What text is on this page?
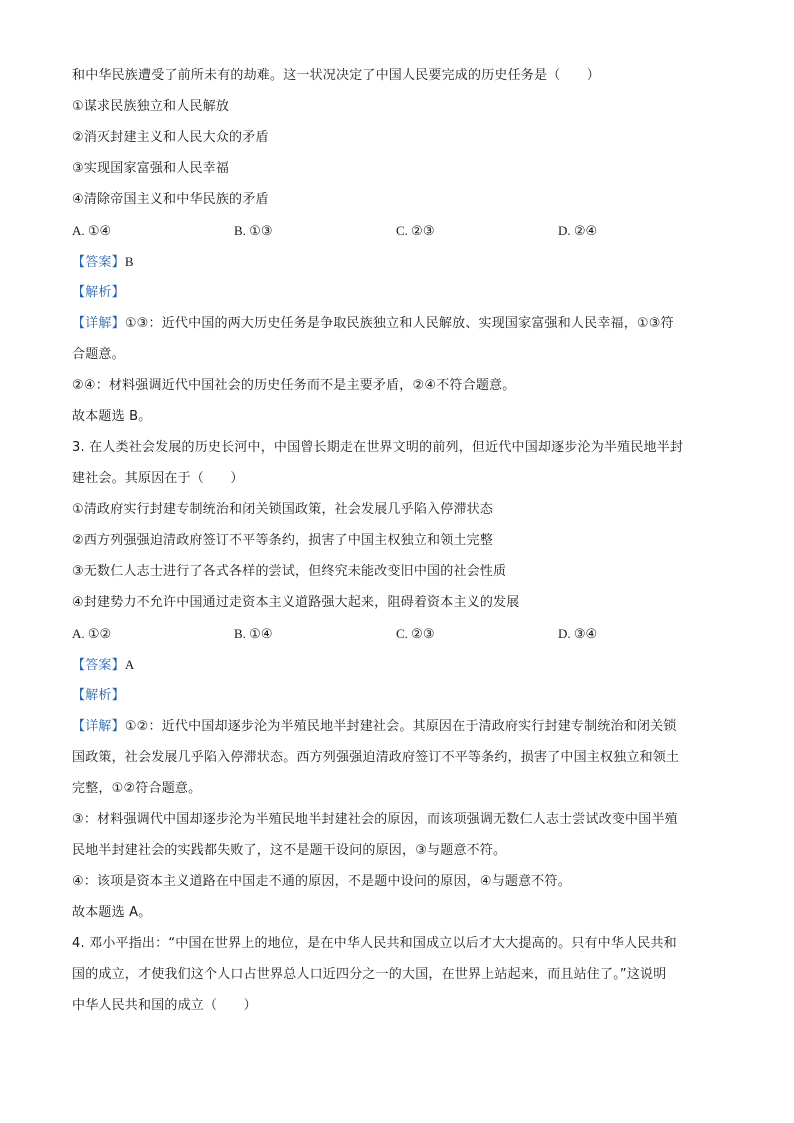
和中华民族遭受了前所未有的劫难。这一状况决定了中国人民要完成的历史任务是（　　）
①谋求民族独立和人民解放
②消灭封建主义和人民大众的矛盾
③实现国家富强和人民幸福
④清除帝国主义和中华民族的矛盾
A. ①④	B. ①③	C. ②③	D. ②④
【答案】B
【解析】
【详解】①③：近代中国的两大历史任务是争取民族独立和人民解放、实现国家富强和人民幸福，①③符
合题意。
②④：材料强调近代中国社会的历史任务而不是主要矛盾，②④不符合题意。
故本题选 B。
3. 在人类社会发展的历史长河中，中国曾长期走在世界文明的前列，但近代中国却逐步沦为半殖民地半封
建社会。其原因在于（　　）
①清政府实行封建专制统治和闭关锁国政策，社会发展几乎陷入停滞状态
②西方列强强迫清政府签订不平等条约，损害了中国主权独立和领土完整
③无数仁人志士进行了各式各样的尝试，但终究未能改变旧中国的社会性质
④封建势力不允许中国通过走资本主义道路强大起来，阻碍着资本主义的发展
A. ①②	B. ①④	C. ②③	D. ③④
【答案】A
【解析】
【详解】①②：近代中国却逐步沦为半殖民地半封建社会。其原因在于清政府实行封建专制统治和闭关锁
国政策，社会发展几乎陷入停滞状态。西方列强强迫清政府签订不平等条约，损害了中国主权独立和领土
完整，①②符合题意。
③：材料强调代中国却逐步沦为半殖民地半封建社会的原因，而该项强调无数仁人志士尝试改变中国半殖
民地半封建社会的实践都失败了，这不是题干设问的原因，③与题意不符。
④：该项是资本主义道路在中国走不通的原因，不是题中设问的原因，④与题意不符。
故本题选 A。
4. 邓小平指出：“中国在世界上的地位，是在中华人民共和国成立以后才大大提高的。只有中华人民共和
国的成立，才使我们这个人口占世界总人口近四分之一的大国，在世界上站起来，而且站住了。”这说明
中华人民共和国的成立（　　）
